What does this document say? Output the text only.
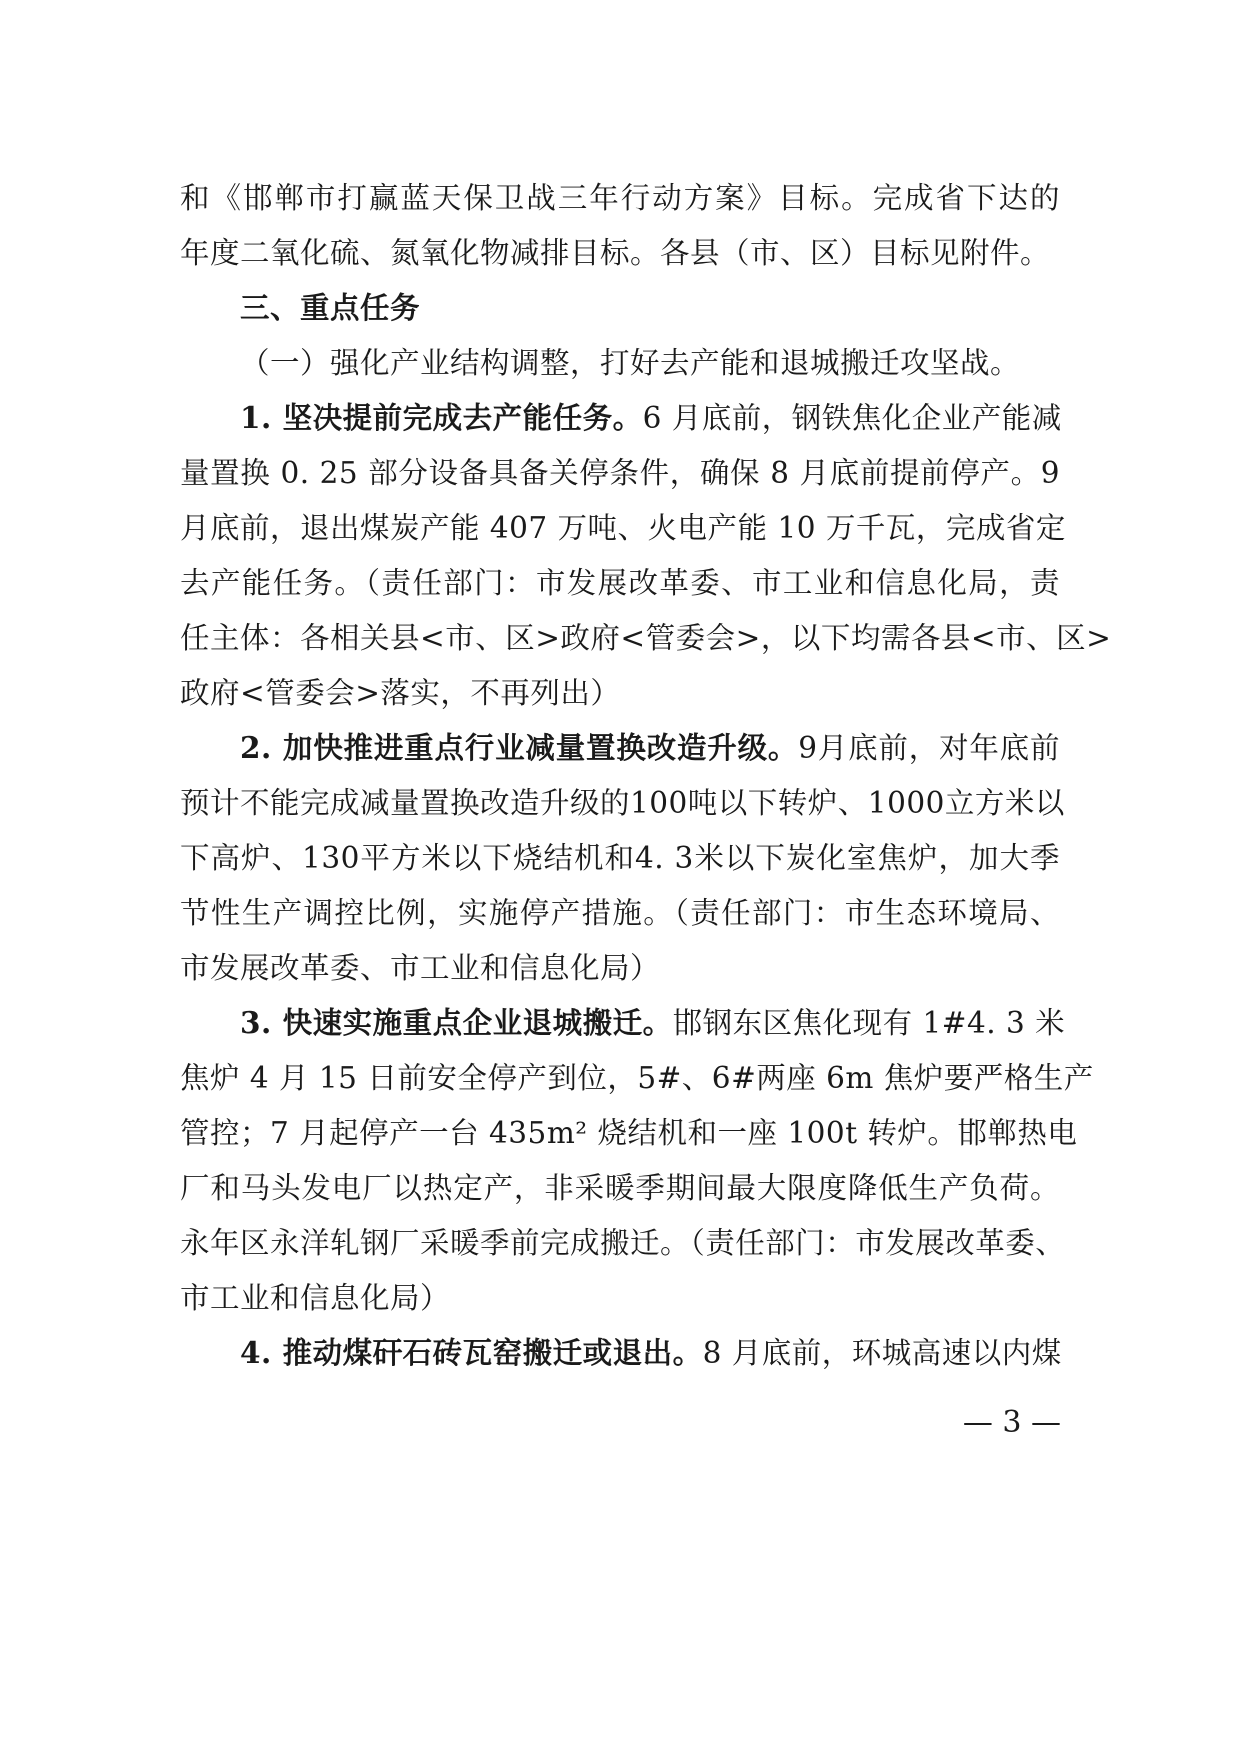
和《邯郸市打赢蓝天保卫战三年行动方案》目标。完成省下达的
年度二氧化硫、氮氧化物减排目标。各县（市、区）目标见附件。
三、重点任务
（一）强化产业结构调整，打好去产能和退城搬迁攻坚战。
1. 坚决提前完成去产能任务。6 月底前，钢铁焦化企业产能减
量置换 0. 25 部分设备具备关停条件，确保 8 月底前提前停产。9
月底前，退出煤炭产能 407 万吨、火电产能 10 万千瓦，完成省定
去产能任务。（责任部门：市发展改革委、市工业和信息化局，责
任主体：各相关县<市、区>政府<管委会>，以下均需各县<市、区>
政府<管委会>落实，不再列出）
2. 加快推进重点行业减量置换改造升级。9月底前，对年底前
预计不能完成减量置换改造升级的100吨以下转炉、1000立方米以
下高炉、130平方米以下烧结机和4. 3米以下炭化室焦炉，加大季
节性生产调控比例，实施停产措施。（责任部门：市生态环境局、
市发展改革委、市工业和信息化局）
3. 快速实施重点企业退城搬迁。邯钢东区焦化现有 1#4. 3 米
焦炉 4 月 15 日前安全停产到位，5#、6#两座 6m 焦炉要严格生产
管控；7 月起停产一台 435m² 烧结机和一座 100t 转炉。邯郸热电
厂和马头发电厂以热定产，非采暖季期间最大限度降低生产负荷。
永年区永洋轧钢厂采暖季前完成搬迁。（责任部门：市发展改革委、
市工业和信息化局）
4. 推动煤矸石砖瓦窑搬迁或退出。8 月底前，环城高速以内煤
— 3 —
